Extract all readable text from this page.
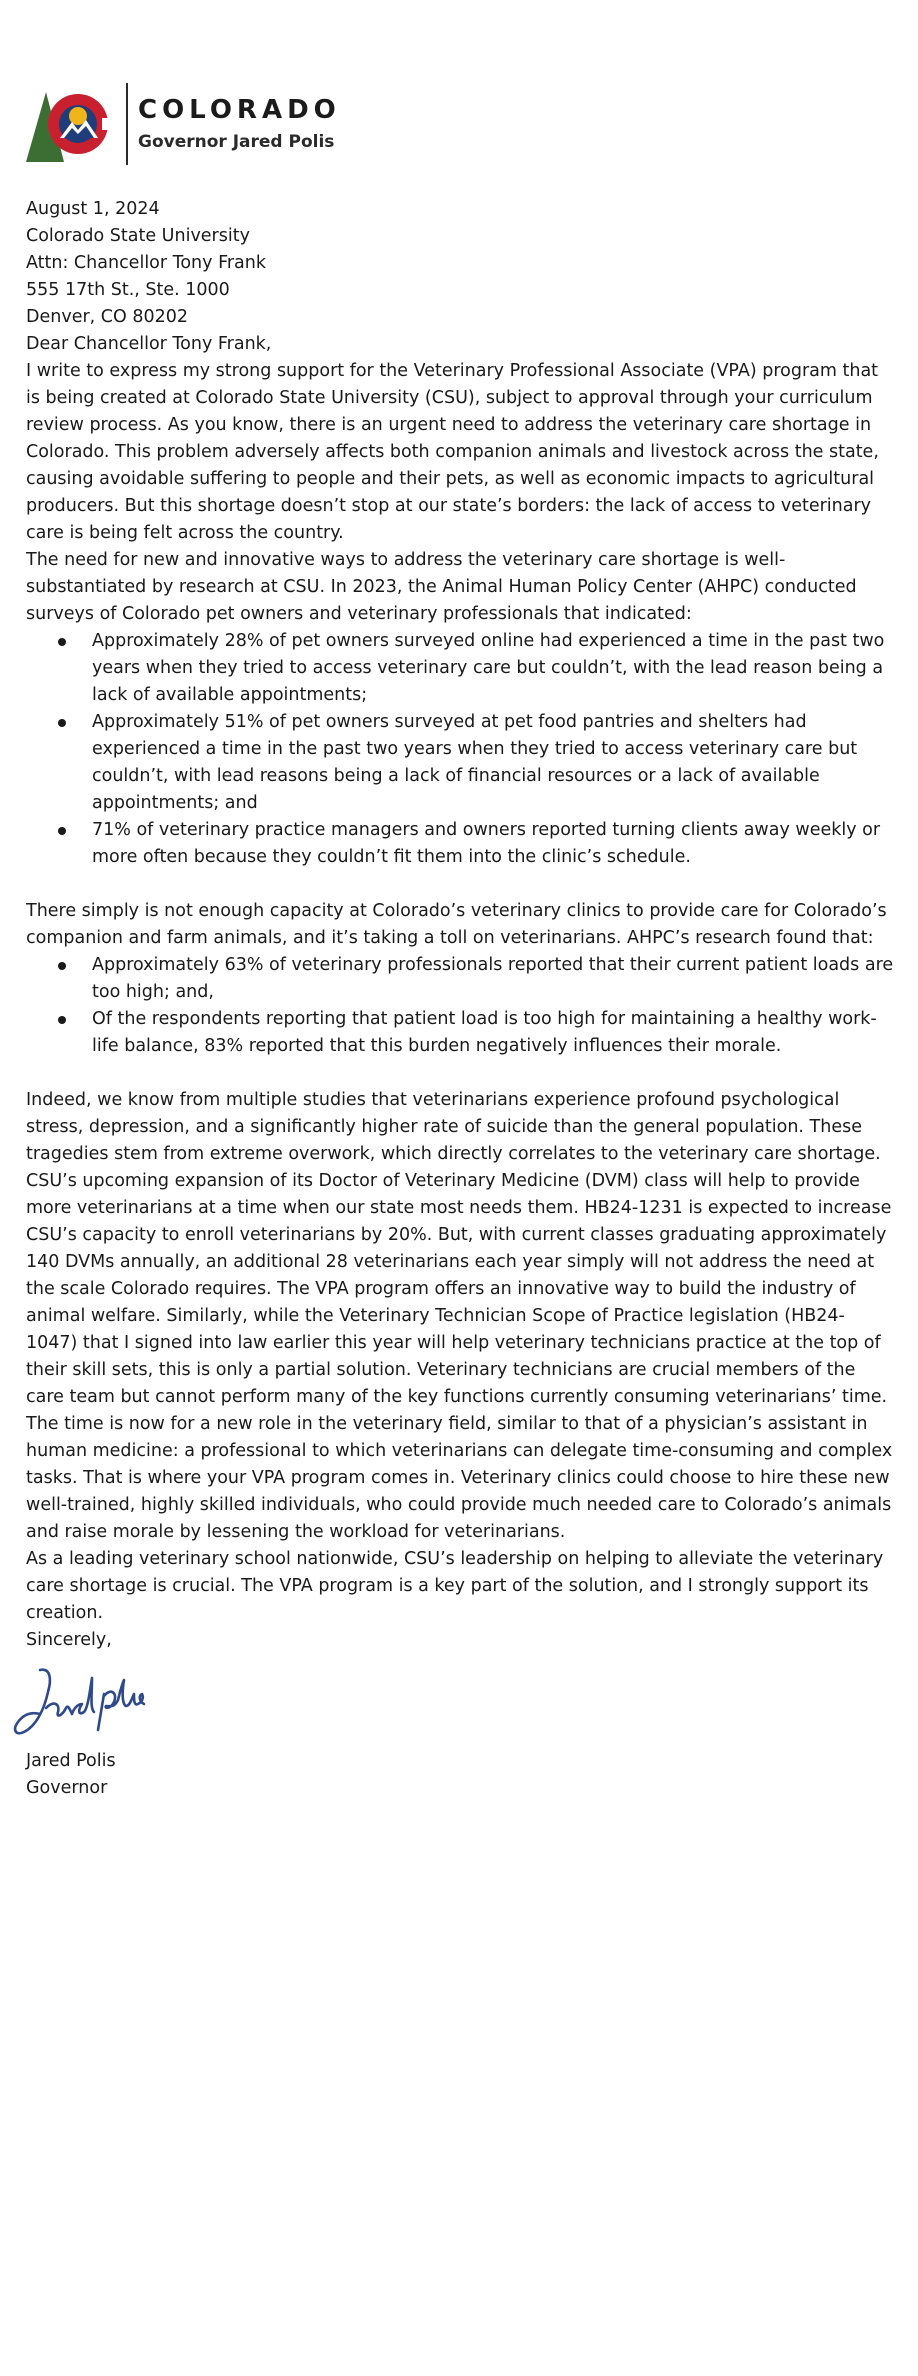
COLORADO
Governor Jared Polis

August 1, 2024

Colorado State University
Attn: Chancellor Tony Frank
555 17th St., Ste. 1000
Denver, CO 80202

Dear Chancellor Tony Frank,

I write to express my strong support for the Veterinary Professional Associate (VPA) program that is being created at Colorado State University (CSU), subject to approval through your curriculum review process. As you know, there is an urgent need to address the veterinary care shortage in Colorado. This problem adversely affects both companion animals and livestock across the state, causing avoidable suffering to people and their pets, as well as economic impacts to agricultural producers. But this shortage doesn’t stop at our state’s borders: the lack of access to veterinary care is being felt across the country.

The need for new and innovative ways to address the veterinary care shortage is well-substantiated by research at CSU. In 2023, the Animal Human Policy Center (AHPC) conducted surveys of Colorado pet owners and veterinary professionals that indicated:

Approximately 28% of pet owners surveyed online had experienced a time in the past two years when they tried to access veterinary care but couldn’t, with the lead reason being a lack of available appointments;
Approximately 51% of pet owners surveyed at pet food pantries and shelters had experienced a time in the past two years when they tried to access veterinary care but couldn’t, with lead reasons being a lack of financial resources or a lack of available appointments; and
71% of veterinary practice managers and owners reported turning clients away weekly or more often because they couldn’t fit them into the clinic’s schedule.

There simply is not enough capacity at Colorado’s veterinary clinics to provide care for Colorado’s companion and farm animals, and it’s taking a toll on veterinarians. AHPC’s research found that:

Approximately 63% of veterinary professionals reported that their current patient loads are too high; and,
Of the respondents reporting that patient load is too high for maintaining a healthy work-life balance, 83% reported that this burden negatively influences their morale.

Indeed, we know from multiple studies that veterinarians experience profound psychological stress, depression, and a significantly higher rate of suicide than the general population. These tragedies stem from extreme overwork, which directly correlates to the veterinary care shortage.

CSU’s upcoming expansion of its Doctor of Veterinary Medicine (DVM) class will help to provide more veterinarians at a time when our state most needs them. HB24-1231 is expected to increase CSU’s capacity to enroll veterinarians by 20%. But, with current classes graduating approximately 140 DVMs annually, an additional 28 veterinarians each year simply will not address the need at the scale Colorado requires. The VPA program offers an innovative way to build the industry of animal welfare. Similarly, while the Veterinary Technician Scope of Practice legislation (HB24-1047) that I signed into law earlier this year will help veterinary technicians practice at the top of their skill sets, this is only a partial solution. Veterinary technicians are crucial members of the care team but cannot perform many of the key functions currently consuming veterinarians’ time.

The time is now for a new role in the veterinary field, similar to that of a physician’s assistant in human medicine: a professional to which veterinarians can delegate time-consuming and complex tasks. That is where your VPA program comes in. Veterinary clinics could choose to hire these new well-trained, highly skilled individuals, who could provide much needed care to Colorado’s animals and raise morale by lessening the workload for veterinarians.

As a leading veterinary school nationwide, CSU’s leadership on helping to alleviate the veterinary care shortage is crucial. The VPA program is a key part of the solution, and I strongly support its creation.

Sincerely,

Jared Polis

Governor
